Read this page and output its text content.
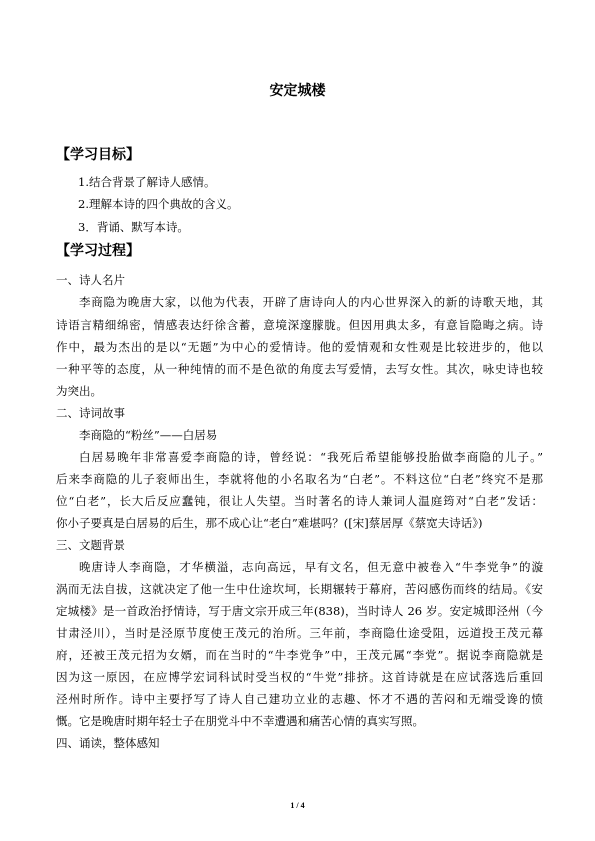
安定城楼
【学习目标】
1.结合背景了解诗人感情。
2.理解本诗的四个典故的含义。
3．背诵、默写本诗。
【学习过程】
一、诗人名片
李商隐为晚唐大家，以他为代表，开辟了唐诗向人的内心世界深入的新的诗歌天地，其
诗语言精细绵密，情感表达纡徐含蓄，意境深邃朦胧。但因用典太多，有意旨隐晦之病。诗
作中，最为杰出的是以“无题”为中心的爱情诗。他的爱情观和女性观是比较进步的，他以
一种平等的态度，从一种纯情的而不是色欲的角度去写爱情，去写女性。其次，咏史诗也较
为突出。
二、诗词故事
李商隐的“粉丝”——白居易
白居易晚年非常喜爱李商隐的诗，曾经说：“我死后希望能够投胎做李商隐的儿子。”
后来李商隐的儿子衮师出生，李就将他的小名取名为“白老”。不料这位“白老”终究不是那
位“白老”，长大后反应蠢钝，很让人失望。当时著名的诗人兼词人温庭筠对“白老”发话：
你小子要真是白居易的后生，那不成心让“老白”难堪吗？([宋]蔡居厚《蔡宽夫诗话》)
三、文题背景
晚唐诗人李商隐，才华横溢，志向高远，早有文名，但无意中被卷入“牛李党争”的漩
涡而无法自拔，这就决定了他一生中仕途坎坷，长期辗转于幕府，苦闷感伤而终的结局。《安
定城楼》是一首政治抒情诗，写于唐文宗开成三年(838)，当时诗人 26 岁。安定城即泾州（今
甘肃泾川），当时是泾原节度使王茂元的治所。三年前，李商隐仕途受阻，远道投王茂元幕
府，还被王茂元招为女婿，而在当时的“牛李党争”中，王茂元属“李党”。据说李商隐就是
因为这一原因，在应博学宏词科试时受当权的“牛党”排挤。这首诗就是在应试落选后重回
泾州时所作。诗中主要抒写了诗人自己建功立业的志趣、怀才不遇的苦闷和无端受谗的愤
慨。它是晚唐时期年轻士子在朋党斗中不幸遭遇和痛苦心情的真实写照。
四、诵读，整体感知
1 / 4
